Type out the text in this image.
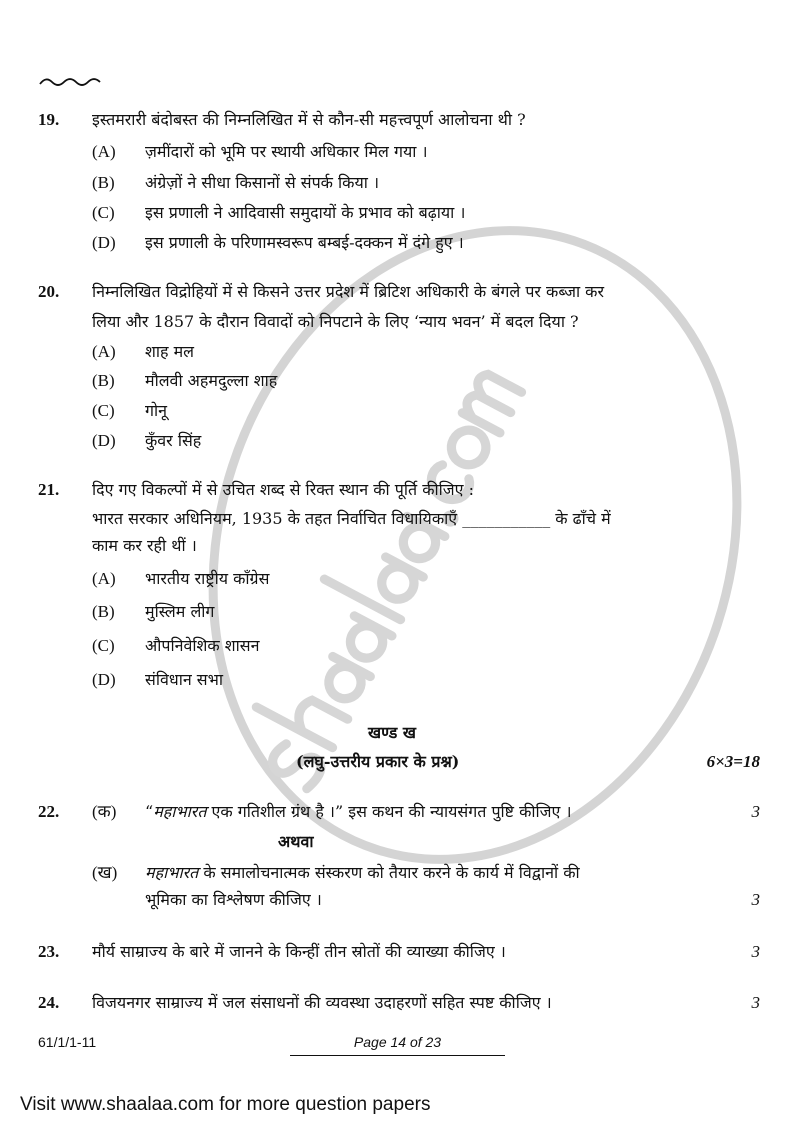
19.	इस्तमरारी बंदोबस्त की निम्नलिखित में से कौन-सी महत्त्वपूर्ण आलोचना थी ?
(A)	ज़मींदारों को भूमि पर स्थायी अधिकार मिल गया ।
(B)	अंग्रेज़ों ने सीधा किसानों से संपर्क किया ।
(C)	इस प्रणाली ने आदिवासी समुदायों के प्रभाव को बढ़ाया ।
(D)	इस प्रणाली के परिणामस्वरूप बम्बई-दक्कन में दंगे हुए ।
20.	निम्नलिखित विद्रोहियों में से किसने उत्तर प्रदेश में ब्रिटिश अधिकारी के बंगले पर कब्जा कर
लिया और 1857 के दौरान विवादों को निपटाने के लिए ‘न्याय भवन’ में बदल दिया ?
(A)	शाह मल
(B)	मौलवी अहमदुल्ला शाह
(C)	गोनू
(D)	कुँवर सिंह
21.	दिए गए विकल्पों में से उचित शब्द से रिक्त स्थान की पूर्ति कीजिए :
भारत सरकार अधिनियम, 1935 के तहत निर्वाचित विधायिकाएँ ___________ के ढाँचे में
काम कर रही थीं ।
(A)	भारतीय राष्ट्रीय काँग्रेस
(B)	मुस्लिम लीग
(C)	औपनिवेशिक शासन
(D)	संविधान सभा
खण्ड ख
(लघु-उत्तरीय प्रकार के प्रश्न)	6×3=18
22.	(क)	“महाभारत एक गतिशील ग्रंथ है ।” इस कथन की न्यायसंगत पुष्टि कीजिए ।	3
अथवा
(ख)	महाभारत के समालोचनात्मक संस्करण को तैयार करने के कार्य में विद्वानों की
भूमिका का विश्लेषण कीजिए ।	3
23.	मौर्य साम्राज्य के बारे में जानने के किन्हीं तीन स्रोतों की व्याख्या कीजिए ।	3
24.	विजयनगर साम्राज्य में जल संसाधनों की व्यवस्था उदाहरणों सहित स्पष्ट कीजिए ।	3
61/1/1-11	Page 14 of 23
Visit www.shaalaa.com for more question papers
